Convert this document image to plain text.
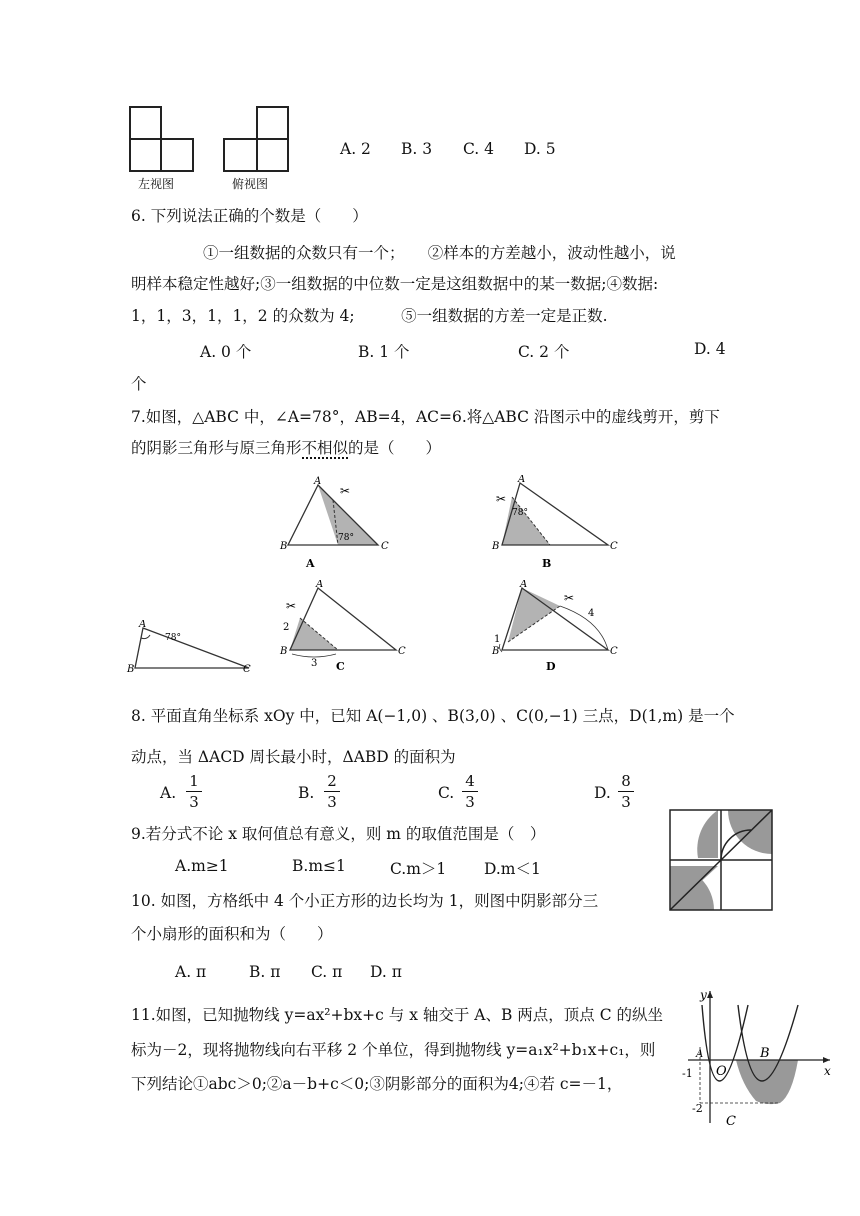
左视图	俯视图
A. 2 B. 3 C. 4 D. 5
6. 下列说法正确的个数是（　　）
①一组数据的众数只有一个；　　②样本的方差越小，波动性越小，说
明样本稳定性越好;③一组数据的中位数一定是这组数据中的某一数据;④数据:
1，1，3，1，1，2 的众数为 4;　　　⑤一组数据的方差一定是正数.
A. 0 个	B. 1 个	C. 2 个	D. 4
个
7.如图，△ABC 中，∠A=78°，AB=4，AC=6.将△ABC 沿图示中的虚线剪开，剪下
的阴影三角形与原三角形不相似的是（　　）
A
B	C
78°
✂
A
B	C
78°
A
✂
A
B	C
78°
B
✂
A
B	C
2
3 C
✂
A
B	C
1
4
D
8. 平面直角坐标系 xOy 中，已知 A(−1,0) 、B(3,0) 、C(0,−1) 三点，D(1,m) 是一个
动点，当 ΔACD 周长最小时，ΔABD 的面积为
A.
1
3	B.
2
3	C.
4
3	D.
8
3
9.若分式不论 x 取何值总有意义，则 m 的取值范围是（　）
A.m≥1	B.m≤1	C.m＞1 D.m＜1
10. 如图，方格纸中 4 个小正方形的边长均为 1，则图中阴影部分三
个小扇形的面积和为（　　）
A. π	B. π C. π D. π
11.如图，已知抛物线 y=ax²+bx+c 与 x 轴交于 A、B 两点，顶点 C 的纵坐
标为－2，现将抛物线向右平移 2 个单位，得到抛物线 y=a₁x²+b₁x+c₁，则
下列结论①abc＞0;②a－b+c＜0;③阴影部分的面积为4;④若 c=－1，
y
x
A	B
O
-1
-2
C
